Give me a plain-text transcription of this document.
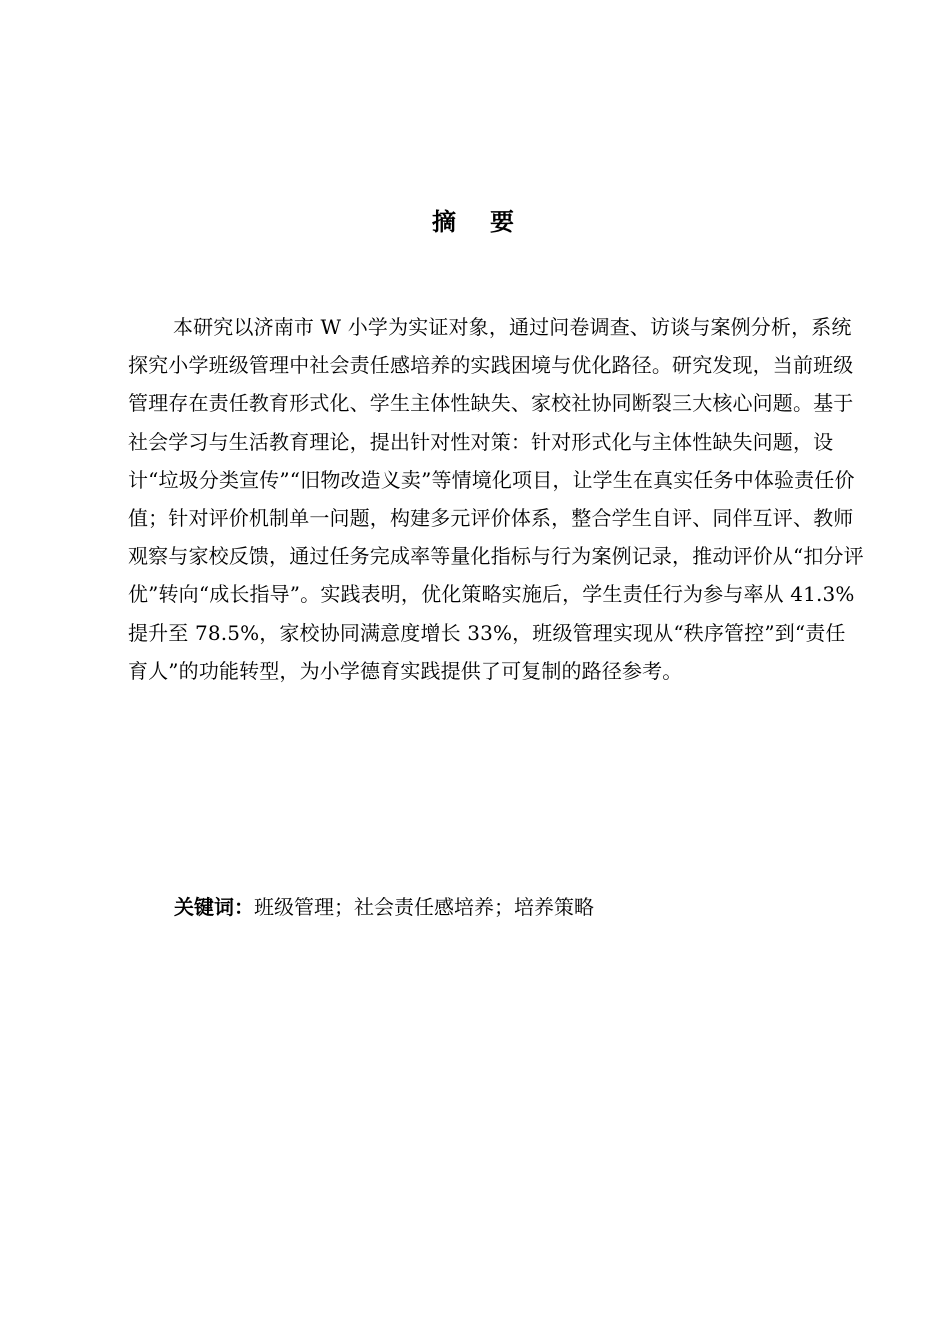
摘要

本研究以济南市 W 小学为实证对象，通过问卷调查、访谈与案例分析，系统探究小学班级管理中社会责任感培养的实践困境与优化路径。研究发现，当前班级管理存在责任教育形式化、学生主体性缺失、家校社协同断裂三大核心问题。基于社会学习与生活教育理论，提出针对性对策：针对形式化与主体性缺失问题，设计“垃圾分类宣传”“旧物改造义卖”等情境化项目，让学生在真实任务中体验责任价值；针对评价机制单一问题，构建多元评价体系，整合学生自评、同伴互评、教师观察与家校反馈，通过任务完成率等量化指标与行为案例记录，推动评价从“扣分评优”转向“成长指导”。实践表明，优化策略实施后，学生责任行为参与率从 41.3%提升至 78.5%，家校协同满意度增长 33%，班级管理实现从“秩序管控”到“责任育人”的功能转型，为小学德育实践提供了可复制的路径参考。

关键词：班级管理；社会责任感培养；培养策略
